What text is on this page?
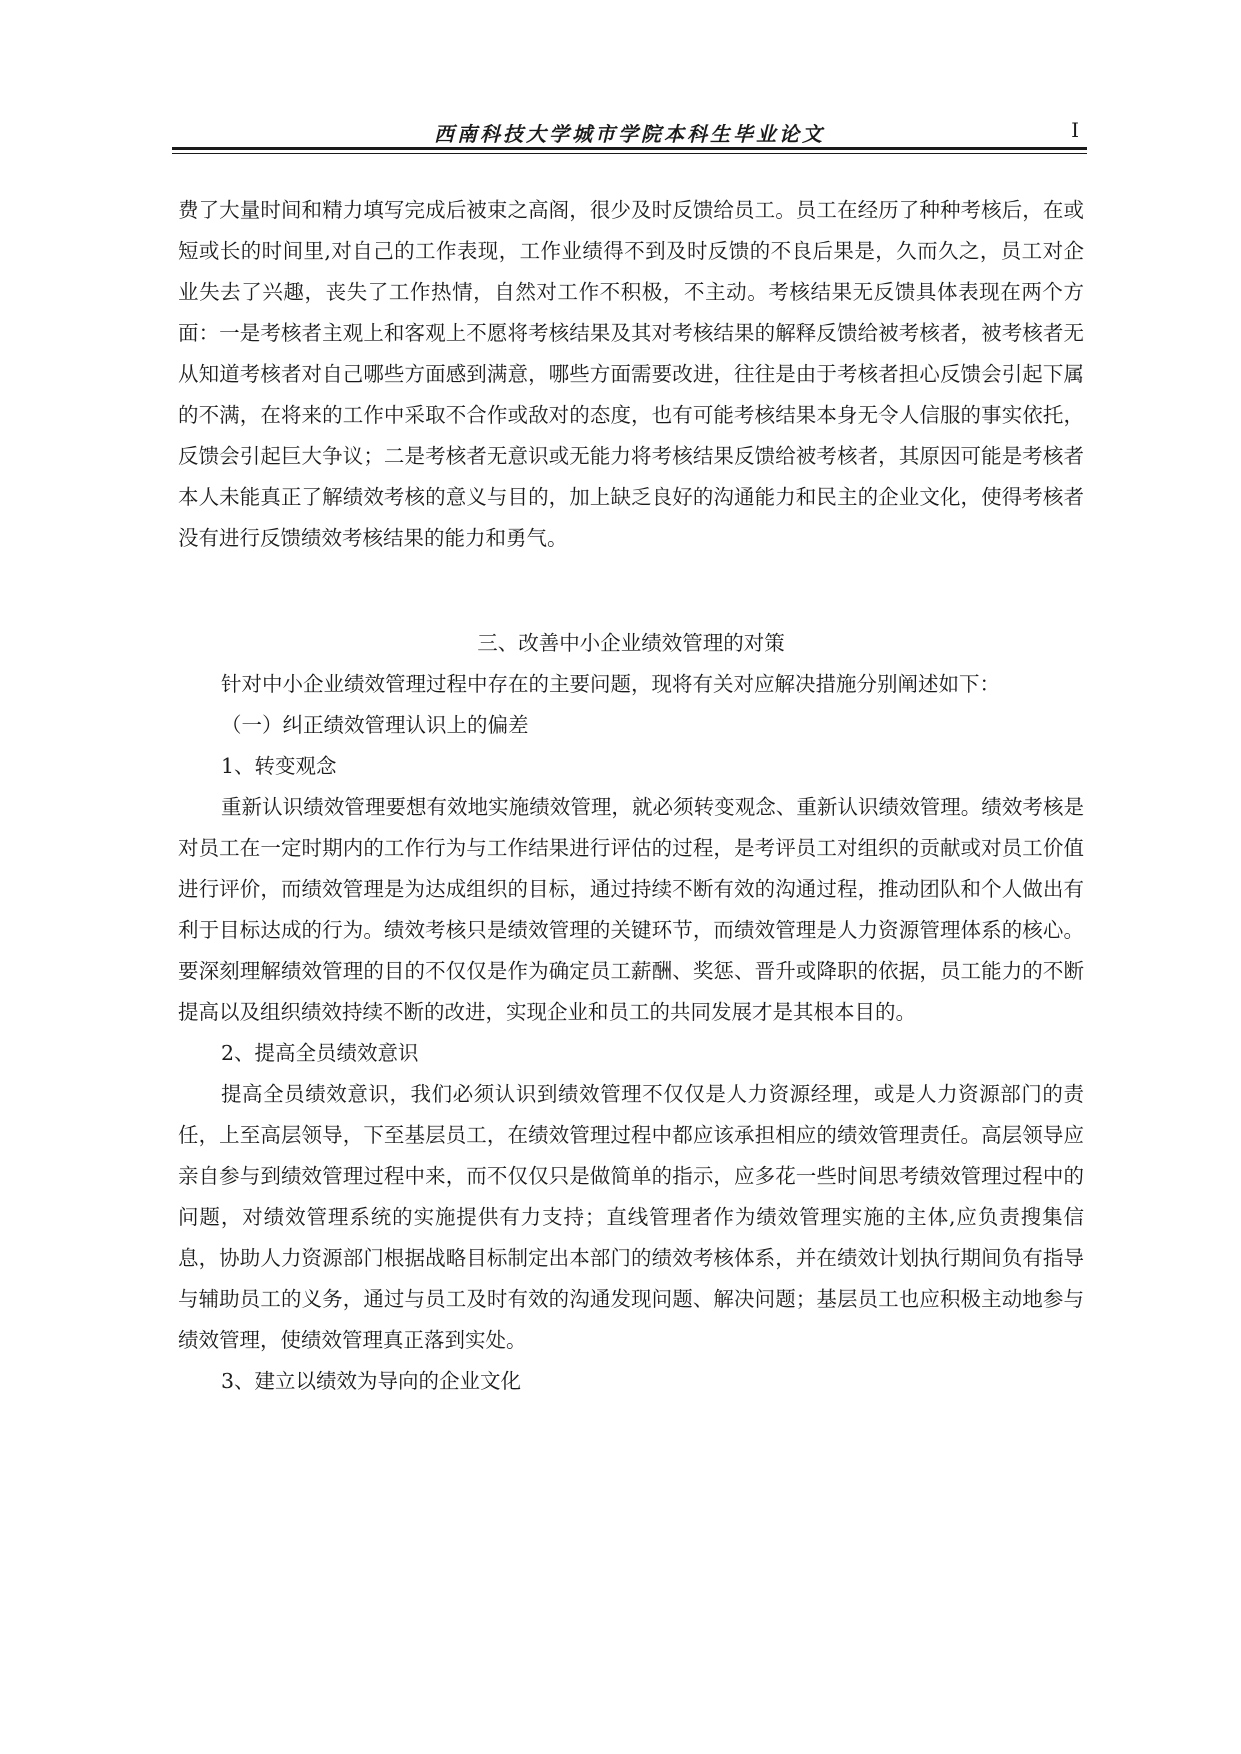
西南科技大学城市学院本科生毕业论文	I

费了大量时间和精力填写完成后被束之高阁，很少及时反馈给员工。员工在经历了种种考核后，在或短或长的时间里,对自己的工作表现，工作业绩得不到及时反馈的不良后果是，久而久之，员工对企业失去了兴趣，丧失了工作热情，自然对工作不积极，不主动。考核结果无反馈具体表现在两个方面：一是考核者主观上和客观上不愿将考核结果及其对考核结果的解释反馈给被考核者，被考核者无从知道考核者对自己哪些方面感到满意，哪些方面需要改进，往往是由于考核者担心反馈会引起下属的不满，在将来的工作中采取不合作或敌对的态度，也有可能考核结果本身无令人信服的事实依托，反馈会引起巨大争议；二是考核者无意识或无能力将考核结果反馈给被考核者，其原因可能是考核者本人未能真正了解绩效考核的意义与目的，加上缺乏良好的沟通能力和民主的企业文化，使得考核者没有进行反馈绩效考核结果的能力和勇气。

三、改善中小企业绩效管理的对策

针对中小企业绩效管理过程中存在的主要问题，现将有关对应解决措施分别阐述如下：

（一）纠正绩效管理认识上的偏差

1、转变观念

重新认识绩效管理要想有效地实施绩效管理，就必须转变观念、重新认识绩效管理。绩效考核是对员工在一定时期内的工作行为与工作结果进行评估的过程，是考评员工对组织的贡献或对员工价值进行评价，而绩效管理是为达成组织的目标，通过持续不断有效的沟通过程，推动团队和个人做出有利于目标达成的行为。绩效考核只是绩效管理的关键环节，而绩效管理是人力资源管理体系的核心。要深刻理解绩效管理的目的不仅仅是作为确定员工薪酬、奖惩、晋升或降职的依据，员工能力的不断提高以及组织绩效持续不断的改进，实现企业和员工的共同发展才是其根本目的。

2、提高全员绩效意识

提高全员绩效意识，我们必须认识到绩效管理不仅仅是人力资源经理，或是人力资源部门的责任，上至高层领导，下至基层员工，在绩效管理过程中都应该承担相应的绩效管理责任。高层领导应亲自参与到绩效管理过程中来，而不仅仅只是做简单的指示，应多花一些时间思考绩效管理过程中的问题，对绩效管理系统的实施提供有力支持；直线管理者作为绩效管理实施的主体,应负责搜集信息，协助人力资源部门根据战略目标制定出本部门的绩效考核体系，并在绩效计划执行期间负有指导与辅助员工的义务，通过与员工及时有效的沟通发现问题、解决问题；基层员工也应积极主动地参与绩效管理，使绩效管理真正落到实处。

3、建立以绩效为导向的企业文化
